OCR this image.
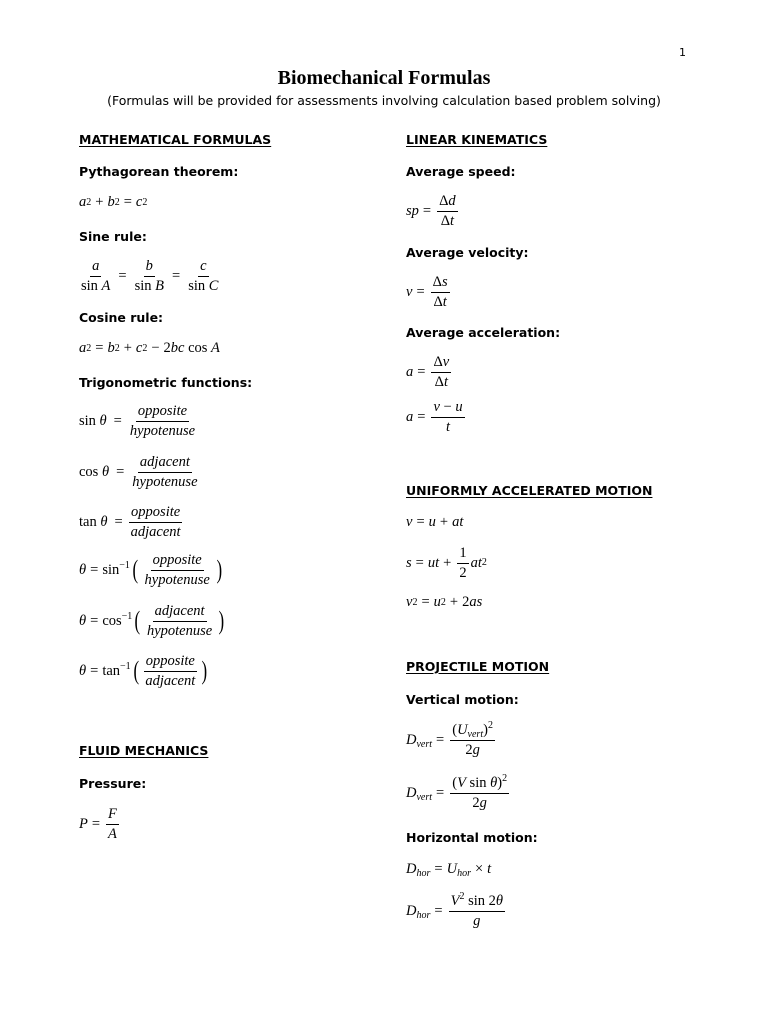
1
Biomechanical Formulas
(Formulas will be provided for assessments involving calculation based problem solving)
MATHEMATICAL FORMULAS
Pythagorean theorem:
a 2 + b 2 = c 2
Sine rule:
$\frac{a}{\text{sin A}} = \frac{b}{\text{sin B}} = \frac{c}{\text{sin C}}$
Cosine rule:
a 2 = b 2 + c 2 − 2bc cos A
Trigonometric functions:
$\sin \theta = \frac{\text{opposite}}{\text{hypotenuse}}$
$\cos \theta = \frac{\text{adjacent}}{\text{hypotenuse}}$
$\tan \theta = \frac{\text{opposite}}{\text{adjacent}}$
$\theta = \sin^{-1}$ ( $\frac{\text{opposite}}{\text{hypotenuse}}$ )
$\theta = \cos^{-1}$ ( $\frac{\text{adjacent}}{\text{hypotenuse}}$ )
$\theta = \tan^{-1}$ ( $\frac{\text{opposite}}{\text{adjacent}}$ )
FLUID MECHANICS
Pressure:
$P = \frac{F}{A}$
LINEAR KINEMATICS
Average speed:
sp = $\frac{\Delta d}{\Delta t}$
Average velocity:
$v = \frac{\Delta s}{\Delta t}$
Average acceleration:
$a = \frac{\Delta v}{\Delta t}$
$a = \frac{v - u}{t}$
UNIFORMLY ACCELERATED MOTION
v = u + at
s = ut + $\frac{1}{2}$ at 2
v 2 = u 2 + 2as
PROJECTILE MOTION
Vertical motion:
$D_{vert} = \frac{(U_{vert})^2}{2g}$
$D_{vert} = \frac{(V \sin \theta)^2}{2g}$
Horizontal motion:
$D_{hor} = U_{hor} \times t$
$D_{hor} = \frac{V^2 \sin 2\theta}{g}$
